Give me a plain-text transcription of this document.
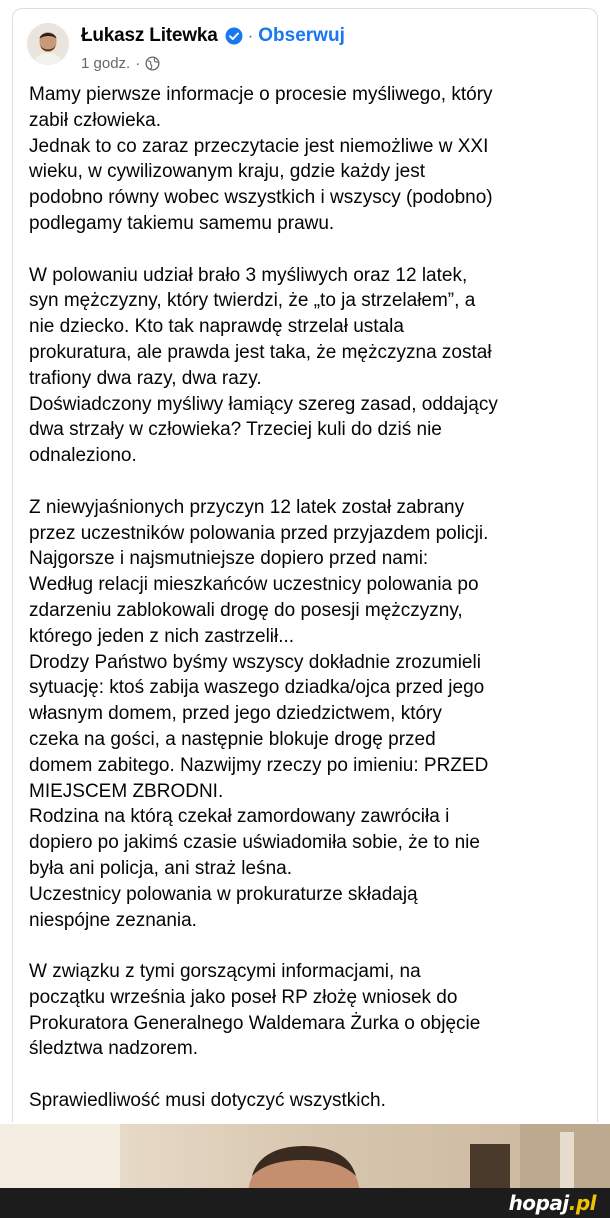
Łukasz Litewka · Obserwuj
1 godz. ·

Mamy pierwsze informacje o procesie myśliwego, który
zabił człowieka.
Jednak to co zaraz przeczytacie jest niemożliwe w XXI
wieku, w cywilizowanym kraju, gdzie każdy jest
podobno równy wobec wszystkich i wszyscy (podobno)
podlegamy takiemu samemu prawu.

W polowaniu udział brało 3 myśliwych oraz 12 latek,
syn mężczyzny, który twierdzi, że „to ja strzelałem”, a
nie dziecko. Kto tak naprawdę strzelał ustala
prokuratura, ale prawda jest taka, że mężczyzna został
trafiony dwa razy, dwa razy.
Doświadczony myśliwy łamiący szereg zasad, oddający
dwa strzały w człowieka? Trzeciej kuli do dziś nie
odnaleziono.

Z niewyjaśnionych przyczyn 12 latek został zabrany
przez uczestników polowania przed przyjazdem policji.
Najgorsze i najsmutniejsze dopiero przed nami:
Według relacji mieszkańców uczestnicy polowania po
zdarzeniu zablokowali drogę do posesji mężczyzny,
którego jeden z nich zastrzelił...
Drodzy Państwo byśmy wszyscy dokładnie zrozumieli
sytuację: ktoś zabija waszego dziadka/ojca przed jego
własnym domem, przed jego dziedzictwem, który
czeka na gości, a następnie blokuje drogę przed
domem zabitego. Nazwijmy rzeczy po imieniu: PRZED
MIEJSCEM ZBRODNI.
Rodzina na którą czekał zamordowany zawróciła i
dopiero po jakimś czasie uświadomiła sobie, że to nie
była ani policja, ani straż leśna.
Uczestnicy polowania w prokuraturze składają
niespójne zeznania.

W związku z tymi gorszącymi informacjami, na
początku września jako poseł RP złożę wniosek do
Prokuratora Generalnego Waldemara Żurka o objęcie
śledztwa nadzorem.

Sprawiedliwość musi dotyczyć wszystkich.

hopaj.pl
